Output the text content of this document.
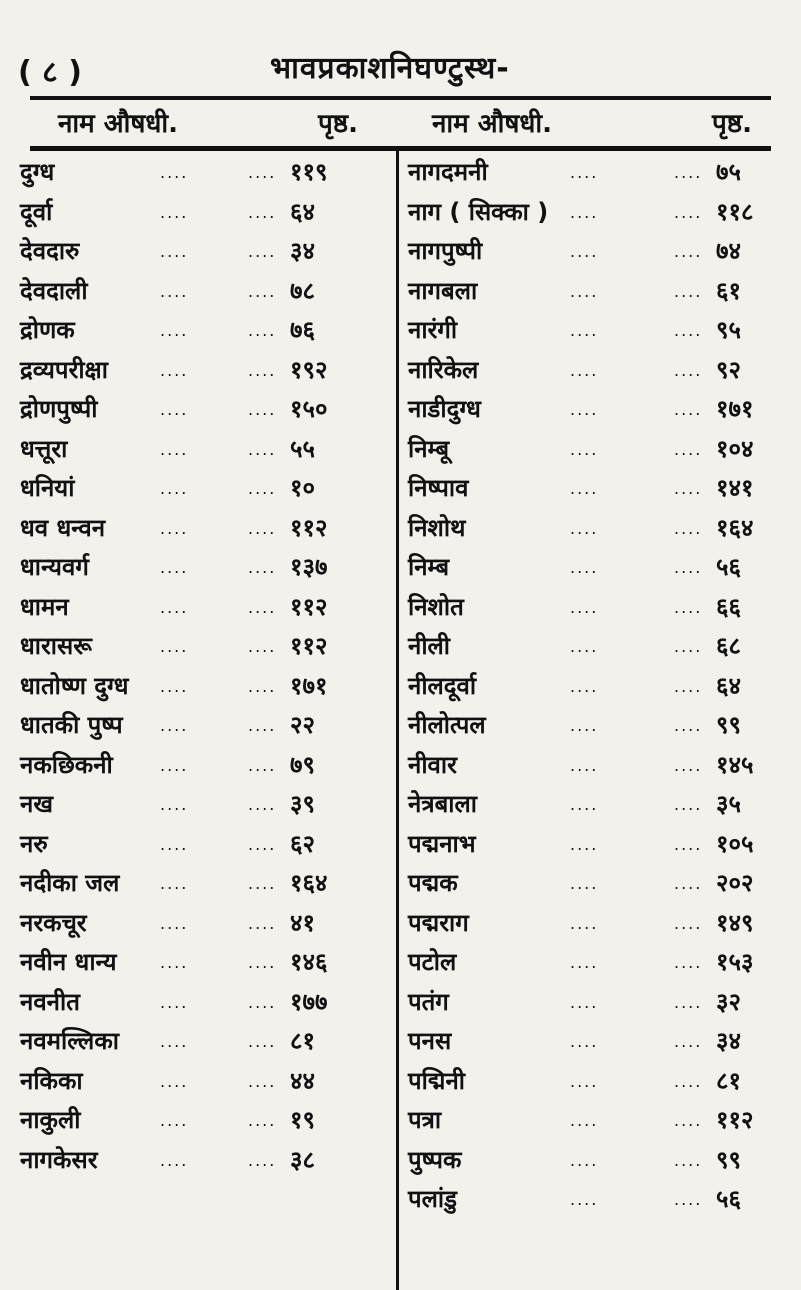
( ८ )	भावप्रकाशनिघण्टुस्थ-
नाम औषधी.	पृष्ठ.	नाम औषधी.	पृष्ठ.
दुग्ध	....	.... ११९
दूर्वा	....	.... ६४
देवदारु	....	.... ३४
देवदाली	....	.... ७८
द्रोणक	....	.... ७६
द्रव्यपरीक्षा	....	.... १९२
द्रोणपुष्पी	....	.... १५०
धत्तूरा	....	.... ५५
धनियां	....	.... १०
धव धन्वन	....	.... ११२
धान्यवर्ग	....	.... १३७
धामन	....	.... ११२
धारासरू	....	.... ११२
धातोष्ण दुग्ध ....	.... १७१
धातकी पुष्प ....	.... २२
नकछिकनी	....	.... ७९
नख	....	.... ३९
नरु	....	.... ६२
नदीका जल	....	.... १६४
नरकचूर	....	.... ४१
नवीन धान्य	....	.... १४६
नवनीत	....	.... १७७
नवमल्लिका	....	.... ८१
नकिका	....	.... ४४
नाकुली	....	.... १९
नागकेसर	....	.... ३८
नागदमनी	....	.... ७५
नाग ( सिक्का ) ....	.... ११८
नागपुष्पी	....	.... ७४
नागबला	....	.... ६१
नारंगी	....	.... ९५
नारिकेल	....	.... ९२
नाडीदुग्ध	....	.... १७१
निम्बू	....	.... १०४
निष्पाव	....	.... १४१
निशोथ	....	.... १६४
निम्ब	....	.... ५६
निशोत	....	.... ६६
नीली	....	.... ६८
नीलदूर्वा	....	.... ६४
नीलोत्पल	....	.... ९९
नीवार	....	.... १४५
नेत्रबाला	....	.... ३५
पद्मनाभ	....	.... १०५
पद्मक	....	.... २०२
पद्मराग	....	.... १४९
पटोल	....	.... १५३
पतंग	....	.... ३२
पनस	....	.... ३४
पद्मिनी	....	.... ८१
पत्रा	....	.... ११२
पुष्पक	....	.... ९९
पलांडु	....	.... ५६
